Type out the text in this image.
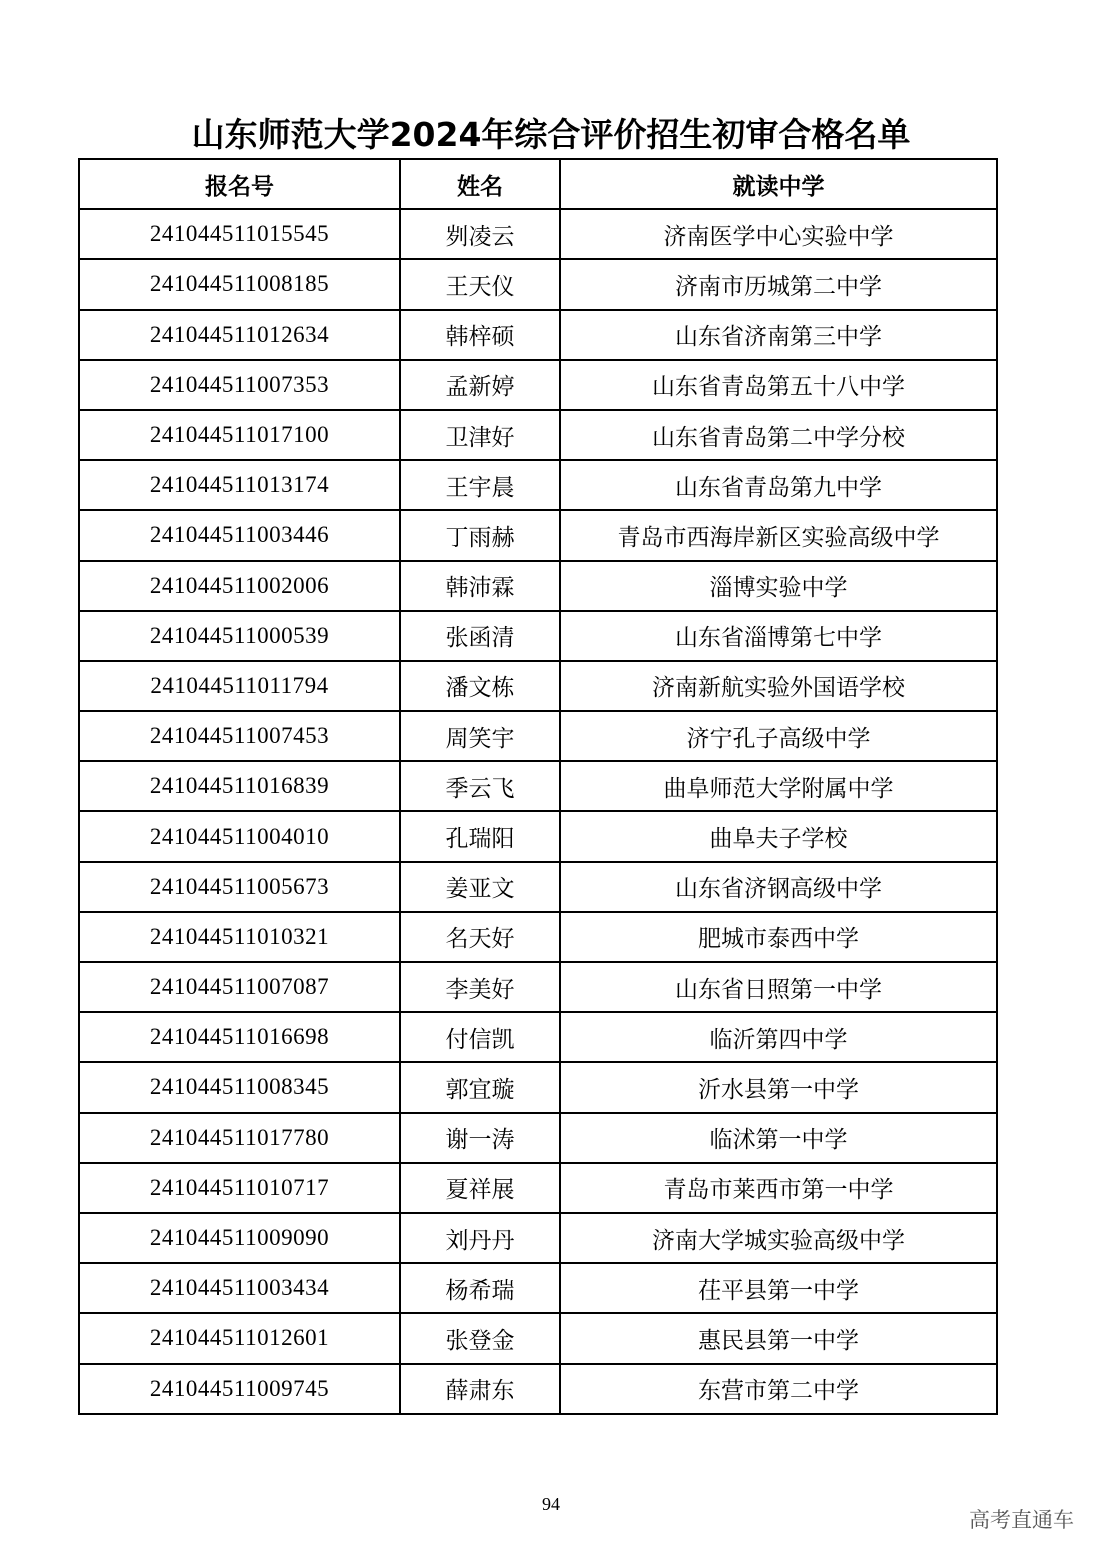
山东师范大学2024年综合评价招生初审合格名单
报名号	姓名	就读中学
241044511015545	刿凌云	济南医学中心实验中学
241044511008185	王天仪	济南市历城第二中学
241044511012634	韩梓硕	山东省济南第三中学
241044511007353	孟新婷	山东省青岛第五十八中学
241044511017100	卫津好	山东省青岛第二中学分校
241044511013174	王宇晨	山东省青岛第九中学
241044511003446	丁雨赫	青岛市西海岸新区实验高级中学
241044511002006	韩沛霖	淄博实验中学
241044511000539	张函清	山东省淄博第七中学
241044511011794	潘文栋	济南新航实验外国语学校
241044511007453	周笑宇	济宁孔子高级中学
241044511016839	季云飞	曲阜师范大学附属中学
241044511004010	孔瑞阳	曲阜夫子学校
241044511005673	姜亚文	山东省济钢高级中学
241044511010321	名天好	肥城市泰西中学
241044511007087	李美好	山东省日照第一中学
241044511016698	付信凯	临沂第四中学
241044511008345	郭宜璇	沂水县第一中学
241044511017780	谢一涛	临沭第一中学
241044511010717	夏祥展	青岛市莱西市第一中学
241044511009090	刘丹丹	济南大学城实验高级中学
241044511003434	杨希瑞	茌平县第一中学
241044511012601	张登金	惠民县第一中学
241044511009745	薛肃东	东营市第二中学
94
高考直通车
